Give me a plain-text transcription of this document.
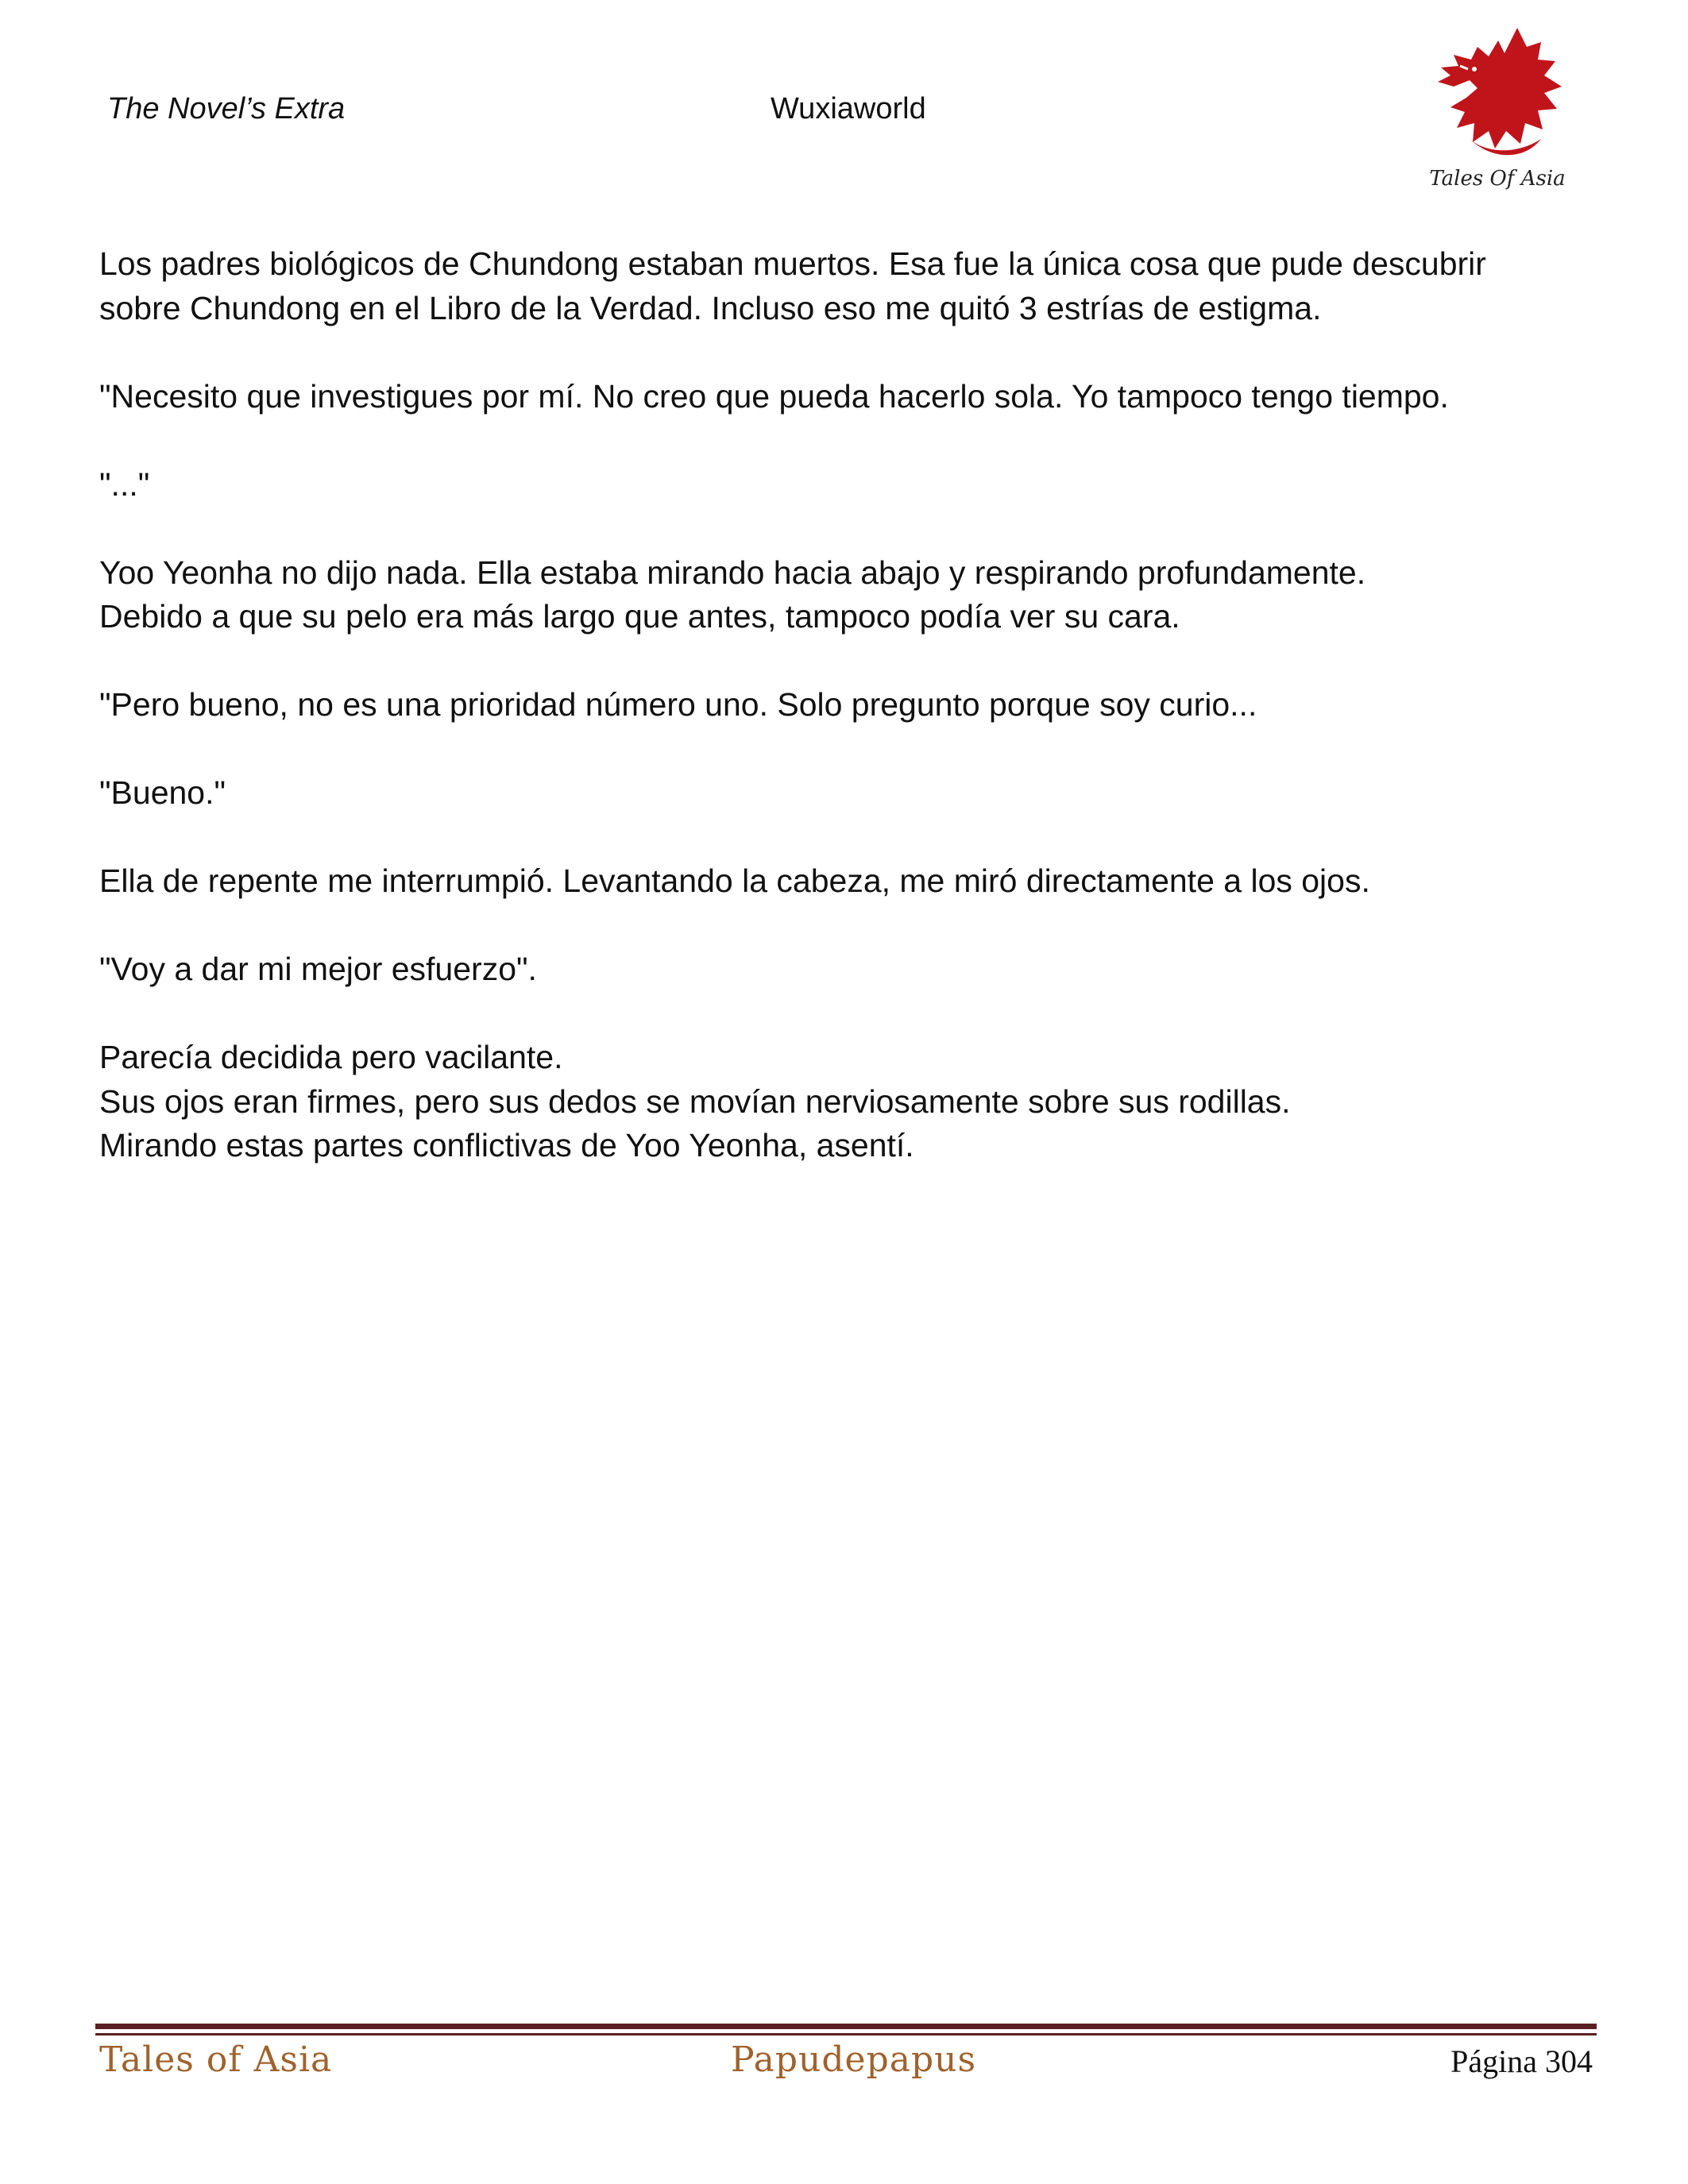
The Novel’s Extra	Wuxiaworld
Tales Of Asia

Los padres biológicos de Chundong estaban muertos. Esa fue la única cosa que pude descubrir
sobre Chundong en el Libro de la Verdad. Incluso eso me quitó 3 estrías de estigma.

"Necesito que investigues por mí. No creo que pueda hacerlo sola. Yo tampoco tengo tiempo.

"..."

Yoo Yeonha no dijo nada. Ella estaba mirando hacia abajo y respirando profundamente.
Debido a que su pelo era más largo que antes, tampoco podía ver su cara.

"Pero bueno, no es una prioridad número uno. Solo pregunto porque soy curio...

"Bueno."

Ella de repente me interrumpió. Levantando la cabeza, me miró directamente a los ojos.

"Voy a dar mi mejor esfuerzo".

Parecía decidida pero vacilante.
Sus ojos eran firmes, pero sus dedos se movían nerviosamente sobre sus rodillas.
Mirando estas partes conflictivas de Yoo Yeonha, asentí.

Tales of Asia	Papudepapus	Página 304
